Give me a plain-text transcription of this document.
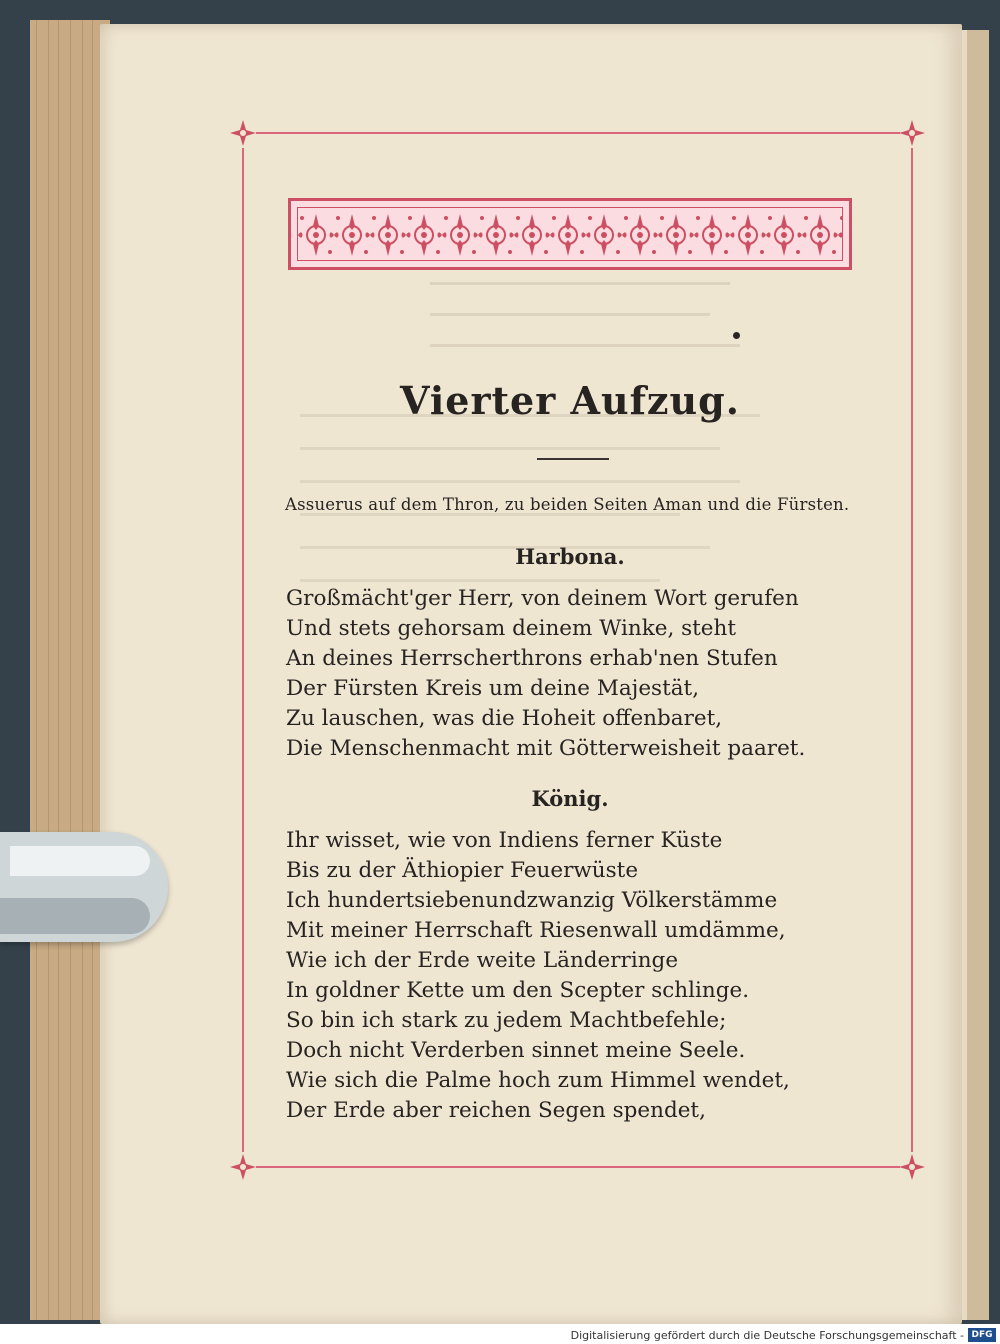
Vierter Aufzug.
Assuerus auf dem Thron, zu beiden Seiten Aman und die Fürsten.
Harbona.
Großmächt'ger Herr, von deinem Wort gerufen
Und stets gehorsam deinem Winke, steht
An deines Herrscherthrons erhab'nen Stufen
Der Fürsten Kreis um deine Majestät,
Zu lauschen, was die Hoheit offenbaret,
Die Menschenmacht mit Götterweisheit paaret.
König.
Ihr wisset, wie von Indiens ferner Küste
Bis zu der Äthiopier Feuerwüste
Ich hundertsiebenundzwanzig Völkerstämme
Mit meiner Herrschaft Riesenwall umdämme,
Wie ich der Erde weite Länderringe
In goldner Kette um den Scepter schlinge.
So bin ich stark zu jedem Machtbefehle;
Doch nicht Verderben sinnet meine Seele.
Wie sich die Palme hoch zum Himmel wendet,
Der Erde aber reichen Segen spendet,
Digitalisierung gefördert durch die Deutsche Forschungsgemeinschaft - DFG
